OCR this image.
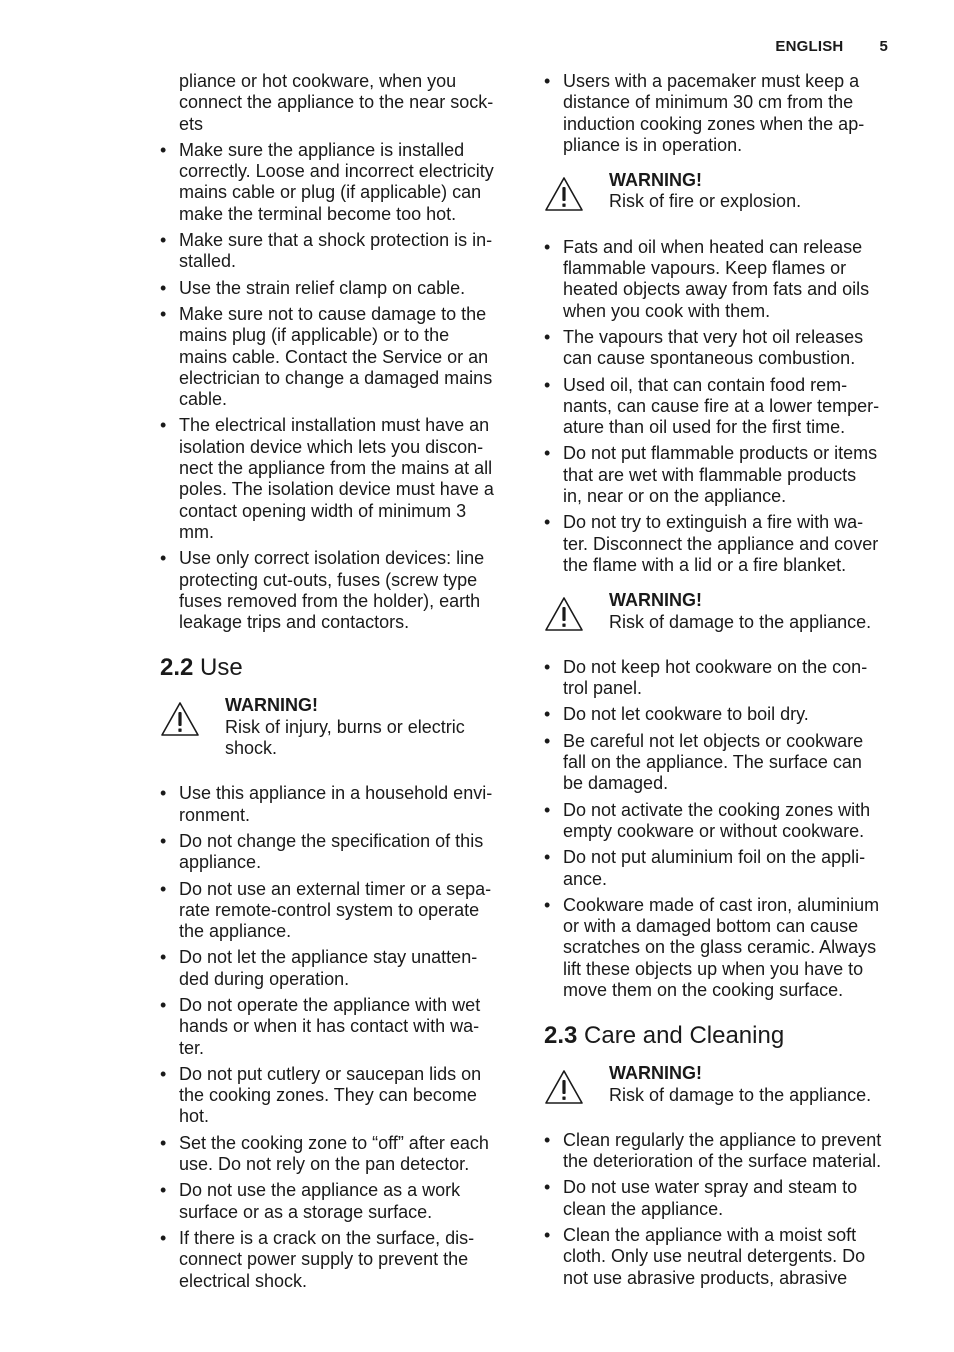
ENGLISH 5
pliance or hot cookware, when you
connect the appliance to the near sock-
ets
• Make sure the appliance is installed
correctly. Loose and incorrect electricity
mains cable or plug (if applicable) can
make the terminal become too hot.
• Make sure that a shock protection is in-
stalled.
• Use the strain relief clamp on cable.
• Make sure not to cause damage to the
mains plug (if applicable) or to the
mains cable. Contact the Service or an
electrician to change a damaged mains
cable.
• The electrical installation must have an
isolation device which lets you discon-
nect the appliance from the mains at all
poles. The isolation device must have a
contact opening width of minimum 3
mm.
• Use only correct isolation devices: line
protecting cut-outs, fuses (screw type
fuses removed from the holder), earth
leakage trips and contactors.
2.2 Use
WARNING!
Risk of injury, burns or electric
shock.
• Use this appliance in a household envi-
ronment.
• Do not change the specification of this
appliance.
• Do not use an external timer or a sepa-
rate remote-control system to operate
the appliance.
• Do not let the appliance stay unatten-
ded during operation.
• Do not operate the appliance with wet
hands or when it has contact with wa-
ter.
• Do not put cutlery or saucepan lids on
the cooking zones. They can become
hot.
• Set the cooking zone to “off” after each
use. Do not rely on the pan detector.
• Do not use the appliance as a work
surface or as a storage surface.
• If there is a crack on the surface, dis-
connect power supply to prevent the
electrical shock.
• Users with a pacemaker must keep a
distance of minimum 30 cm from the
induction cooking zones when the ap-
pliance is in operation.
WARNING!
Risk of fire or explosion.
• Fats and oil when heated can release
flammable vapours. Keep flames or
heated objects away from fats and oils
when you cook with them.
• The vapours that very hot oil releases
can cause spontaneous combustion.
• Used oil, that can contain food rem-
nants, can cause fire at a lower temper-
ature than oil used for the first time.
• Do not put flammable products or items
that are wet with flammable products
in, near or on the appliance.
• Do not try to extinguish a fire with wa-
ter. Disconnect the appliance and cover
the flame with a lid or a fire blanket.
WARNING!
Risk of damage to the appliance.
• Do not keep hot cookware on the con-
trol panel.
• Do not let cookware to boil dry.
• Be careful not let objects or cookware
fall on the appliance. The surface can
be damaged.
• Do not activate the cooking zones with
empty cookware or without cookware.
• Do not put aluminium foil on the appli-
ance.
• Cookware made of cast iron, aluminium
or with a damaged bottom can cause
scratches on the glass ceramic. Always
lift these objects up when you have to
move them on the cooking surface.
2.3 Care and Cleaning
WARNING!
Risk of damage to the appliance.
• Clean regularly the appliance to prevent
the deterioration of the surface material.
• Do not use water spray and steam to
clean the appliance.
• Clean the appliance with a moist soft
cloth. Only use neutral detergents. Do
not use abrasive products, abrasive
